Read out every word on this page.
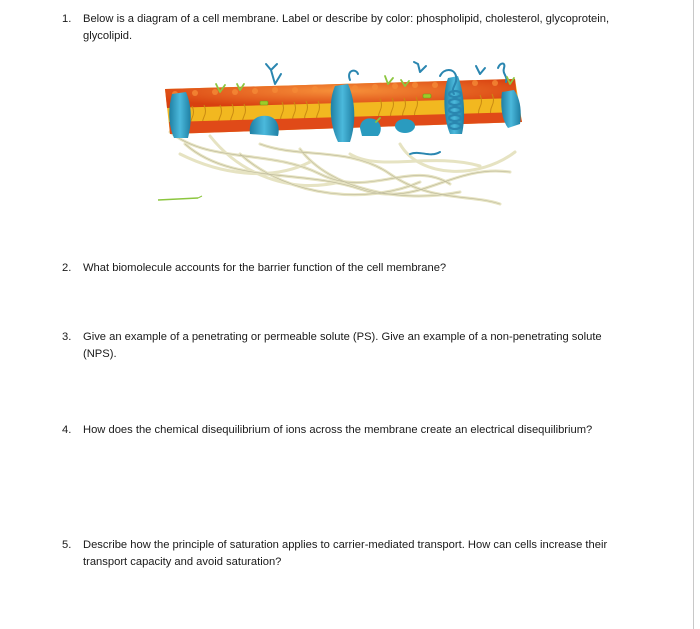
1.	Below is a diagram of a cell membrane. Label or describe by color: phospholipid, cholesterol, glycoprotein, glycolipid.
2.	What biomolecule accounts for the barrier function of the cell membrane?
3.	Give an example of a penetrating or permeable solute (PS). Give an example of a non-penetrating solute (NPS).
4.	How does the chemical disequilibrium of ions across the membrane create an electrical disequilibrium?
5.	Describe how the principle of saturation applies to carrier-mediated transport. How can cells increase their transport capacity and avoid saturation?
